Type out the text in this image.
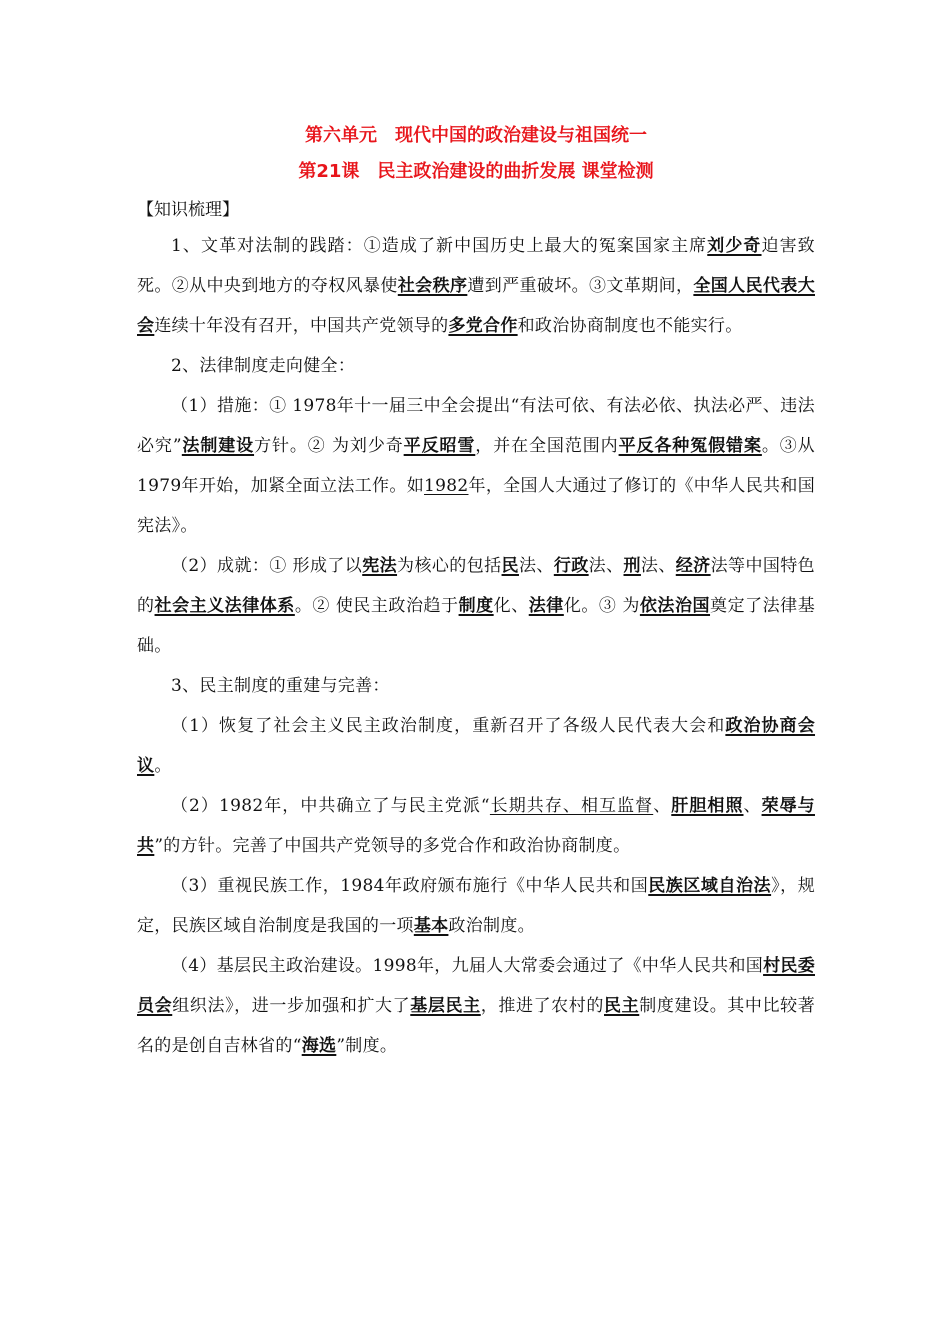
第六单元　现代中国的政治建设与祖国统一
第21课　民主政治建设的曲折发展 课堂检测
【知识梳理】

1、文革对法制的践踏：①造成了新中国历史上最大的冤案国家主席刘少奇迫害致死。②从中央到地方的夺权风暴使社会秩序遭到严重破坏。③文革期间，全国人民代表大会连续十年没有召开，中国共产党领导的多党合作和政治协商制度也不能实行。

2、法律制度走向健全：

（1）措施：① 1978年十一届三中全会提出“有法可依、有法必依、执法必严、违法必究”法制建设方针。② 为刘少奇平反昭雪，并在全国范围内平反各种冤假错案。③从1979年开始，加紧全面立法工作。如1982年，全国人大通过了修订的《中华人民共和国宪法》。

（2）成就：① 形成了以宪法为核心的包括民法、行政法、刑法、经济法等中国特色的社会主义法律体系。② 使民主政治趋于制度化、法律化。③ 为依法治国奠定了法律基础。

3、民主制度的重建与完善：

（1）恢复了社会主义民主政治制度，重新召开了各级人民代表大会和政治协商会议。

（2）1982年，中共确立了与民主党派“长期共存、相互监督、肝胆相照、荣辱与共”的方针。完善了中国共产党领导的多党合作和政治协商制度。

（3）重视民族工作，1984年政府颁布施行《中华人民共和国民族区域自治法》，规定，民族区域自治制度是我国的一项基本政治制度。

（4）基层民主政治建设。1998年，九届人大常委会通过了《中华人民共和国村民委员会组织法》，进一步加强和扩大了基层民主，推进了农村的民主制度建设。其中比较著名的是创自吉林省的“海选”制度。
